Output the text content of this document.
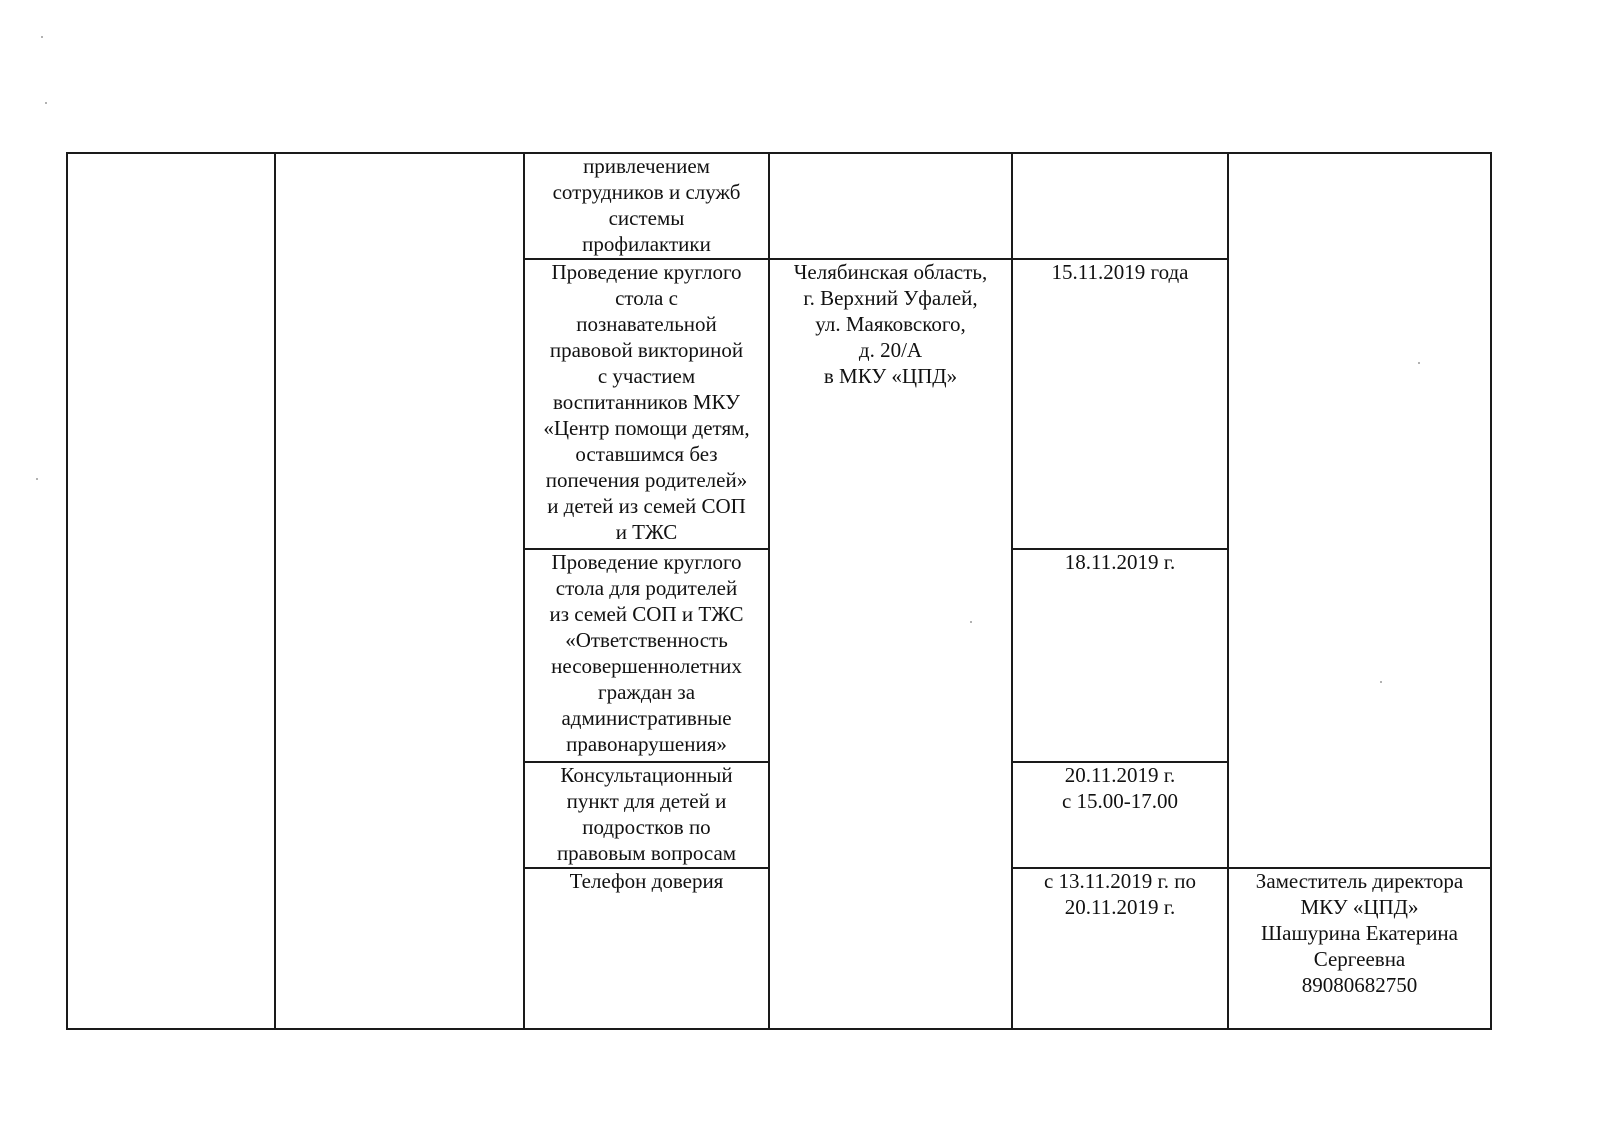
привлечением
сотрудников и служб
системы
профилактики
Проведение круглого
стола с
познавательной
правовой викториной
с участием
воспитанников МКУ
«Центр помощи детям,
оставшимся без
попечения родителей»
и детей из семей СОП
и ТЖС
Челябинская область,
г. Верхний Уфалей,
ул. Маяковского,
д. 20/А
в МКУ «ЦПД»
15.11.2019 года
Проведение круглого
стола для родителей
из семей СОП и ТЖС
«Ответственность
несовершеннолетних
граждан за
административные
правонарушения»
18.11.2019 г.
Консультационный
пункт для детей и
подростков по
правовым вопросам
20.11.2019 г.
с 15.00-17.00
Телефон доверия	с 13.11.2019 г. по
20.11.2019 г.
Заместитель директора
МКУ «ЦПД»
Шашурина Екатерина
Сергеевна
89080682750
